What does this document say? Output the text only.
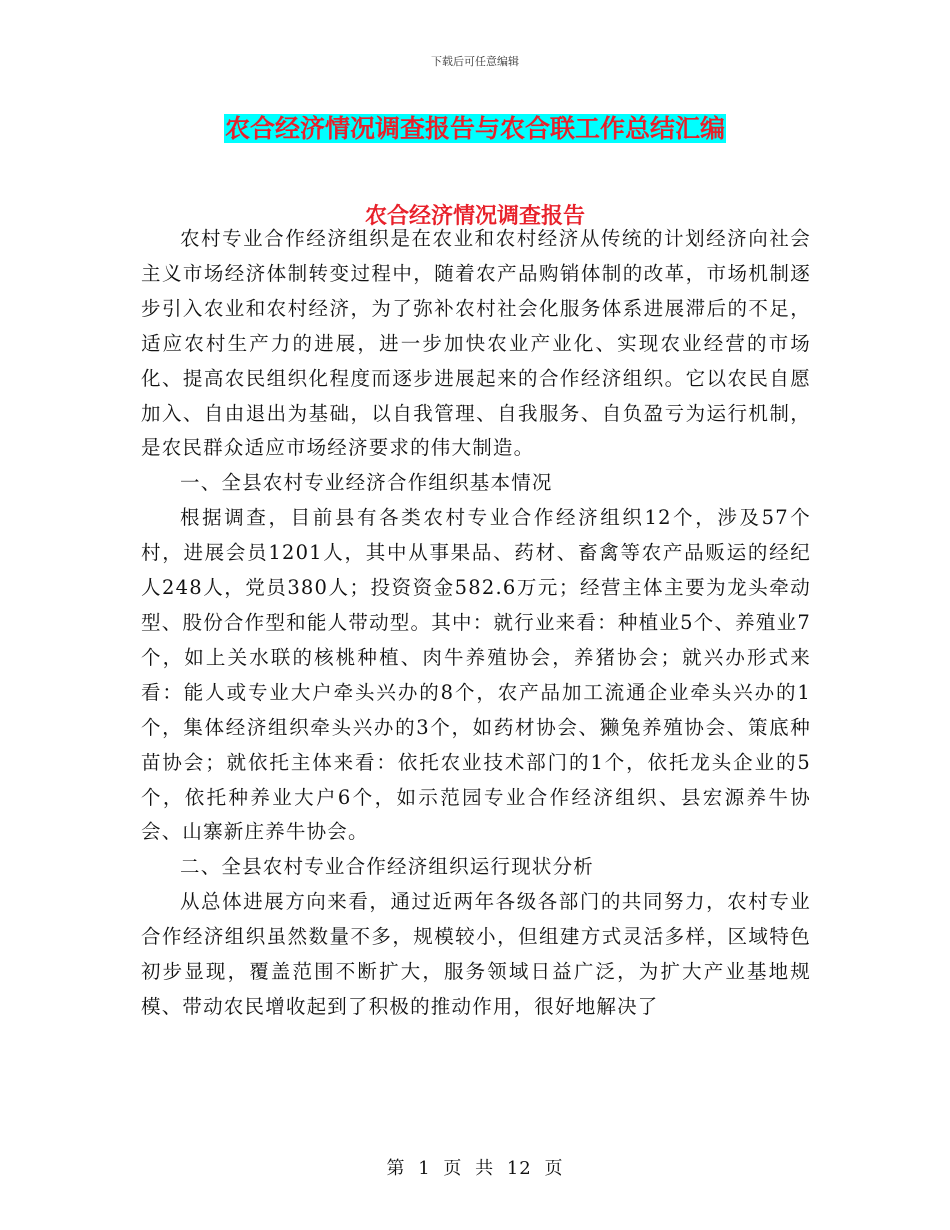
下载后可任意编辑
农合经济情况调查报告与农合联工作总结汇编
农合经济情况调查报告

农村专业合作经济组织是在农业和农村经济从传统的计划经济向社会主义市场经济体制转变过程中，随着农产品购销体制的改革，市场机制逐步引入农业和农村经济，为了弥补农村社会化服务体系进展滞后的不足，适应农村生产力的进展，进一步加快农业产业化、实现农业经营的市场化、提高农民组织化程度而逐步进展起来的合作经济组织。它以农民自愿加入、自由退出为基础，以自我管理、自我服务、自负盈亏为运行机制，是农民群众适应市场经济要求的伟大制造。

一、全县农村专业经济合作组织基本情况

根据调查，目前县有各类农村专业合作经济组织12个，涉及57个村，进展会员1201人，其中从事果品、药材、畜禽等农产品贩运的经纪人248人，党员380人；投资资金582.6万元；经营主体主要为龙头牵动型、股份合作型和能人带动型。其中：就行业来看：种植业5个、养殖业7个，如上关水联的核桃种植、肉牛养殖协会，养猪协会；就兴办形式来看：能人或专业大户牵头兴办的8个，农产品加工流通企业牵头兴办的1个，集体经济组织牵头兴办的3个，如药材协会、獭兔养殖协会、策底种苗协会；就依托主体来看：依托农业技术部门的1个，依托龙头企业的5个，依托种养业大户6个，如示范园专业合作经济组织、县宏源养牛协会、山寨新庄养牛协会。

二、全县农村专业合作经济组织运行现状分析

从总体进展方向来看，通过近两年各级各部门的共同努力，农村专业合作经济组织虽然数量不多，规模较小，但组建方式灵活多样，区域特色初步显现，覆盖范围不断扩大，服务领域日益广泛，为扩大产业基地规模、带动农民增收起到了积极的推动作用，很好地解决了

第 1 页 共 12 页
